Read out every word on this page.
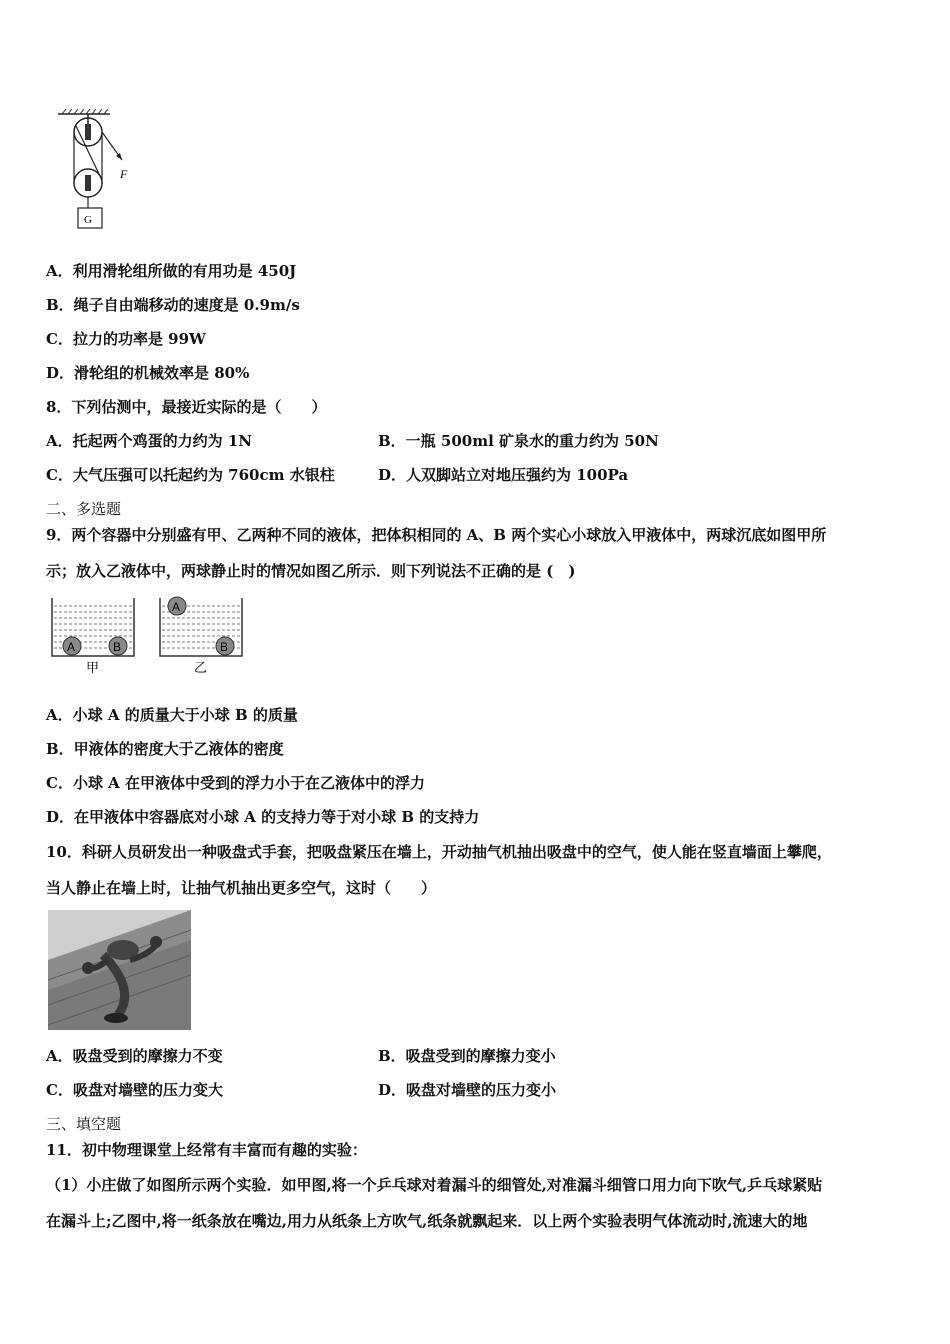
F
G
A．利用滑轮组所做的有用功是 450J
B．绳子自由端移动的速度是 0.9m/s
C．拉力的功率是 99W
D．滑轮组的机械效率是 80%
8．下列估测中，最接近实际的是（　　）
A．托起两个鸡蛋的力约为 1N	B．一瓶 500ml 矿泉水的重力约为 50N
C．大气压强可以托起约为 760cm 水银柱	D．人双脚站立对地压强约为 100Pa
二、多选题
9．两个容器中分别盛有甲、乙两种不同的液体，把体积相同的 A、B 两个实心小球放入甲液体中，两球沉底如图甲所
示；放入乙液体中，两球静止时的情况如图乙所示．则下列说法不正确的是 (　)
A	B
甲
A
B
乙
A．小球 A 的质量大于小球 B 的质量
B．甲液体的密度大于乙液体的密度
C．小球 A 在甲液体中受到的浮力小于在乙液体中的浮力
D．在甲液体中容器底对小球 A 的支持力等于对小球 B 的支持力
10．科研人员研发出一种吸盘式手套，把吸盘紧压在墙上，开动抽气机抽出吸盘中的空气，使人能在竖直墙面上攀爬，
当人静止在墙上时，让抽气机抽出更多空气，这时（　　）
A．吸盘受到的摩擦力不变	B．吸盘受到的摩擦力变小
C．吸盘对墙壁的压力变大	D．吸盘对墙壁的压力变小
三、填空题
11．初中物理课堂上经常有丰富而有趣的实验：
（1）小庄做了如图所示两个实验．如甲图,将一个乒乓球对着漏斗的细管处,对准漏斗细管口用力向下吹气,乒乓球紧贴
在漏斗上;乙图中,将一纸条放在嘴边,用力从纸条上方吹气,纸条就飘起来．以上两个实验表明气体流动时,流速大的地
